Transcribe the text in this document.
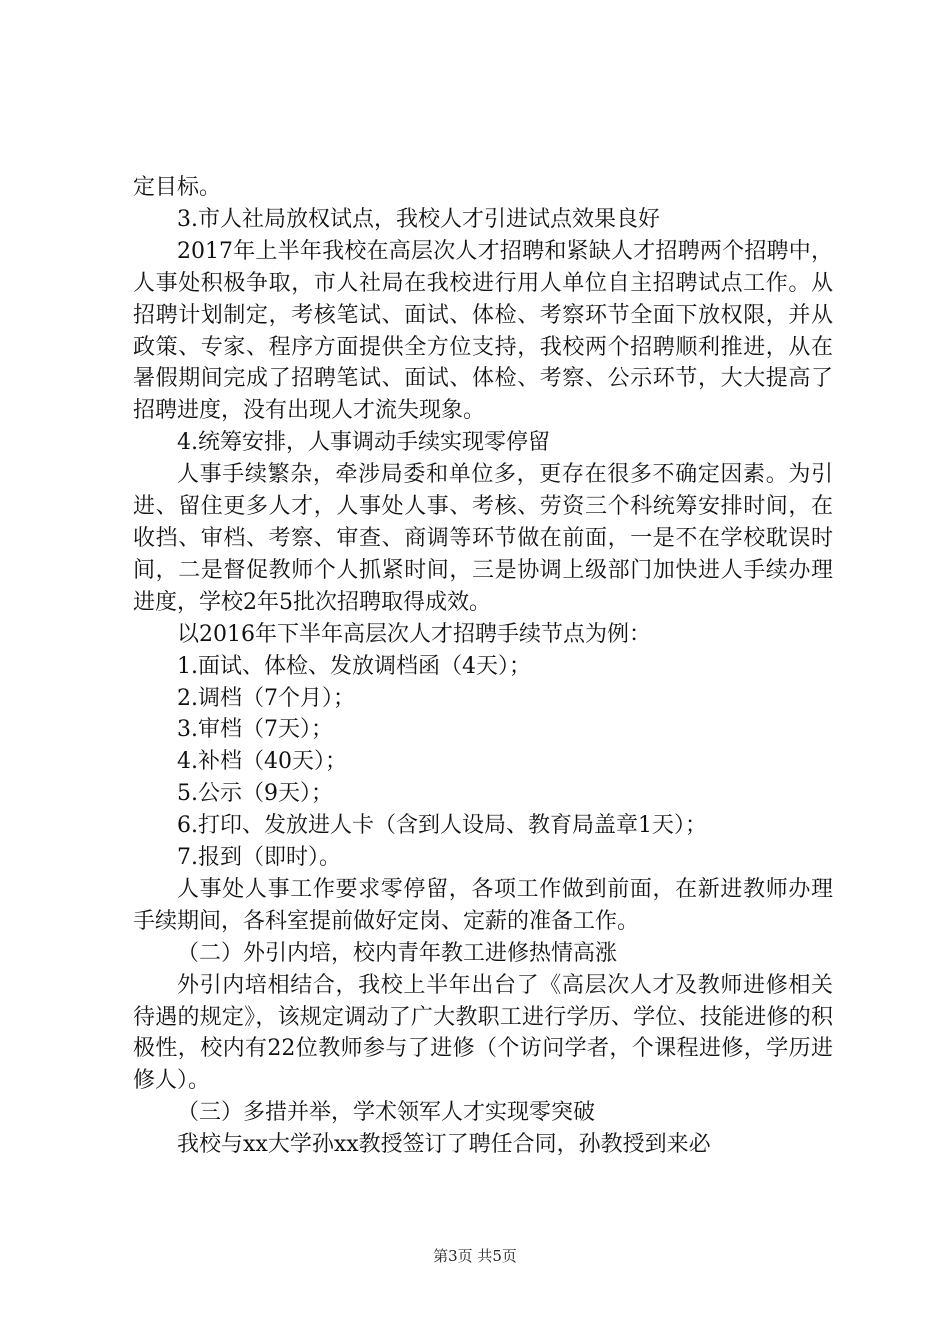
定目标。

3.市人社局放权试点，我校人才引进试点效果良好

2017年上半年我校在高层次人才招聘和紧缺人才招聘两个招聘中，人事处积极争取，市人社局在我校进行用人单位自主招聘试点工作。从招聘计划制定，考核笔试、面试、体检、考察环节全面下放权限，并从政策、专家、程序方面提供全方位支持，我校两个招聘顺利推进，从在暑假期间完成了招聘笔试、面试、体检、考察、公示环节，大大提高了招聘进度，没有出现人才流失现象。

4.统筹安排，人事调动手续实现零停留

人事手续繁杂，牵涉局委和单位多，更存在很多不确定因素。为引进、留住更多人才，人事处人事、考核、劳资三个科统筹安排时间，在收挡、审档、考察、审查、商调等环节做在前面，一是不在学校耽误时间，二是督促教师个人抓紧时间，三是协调上级部门加快进人手续办理进度，学校2年5批次招聘取得成效。

以2016年下半年高层次人才招聘手续节点为例：

1.面试、体检、发放调档函（4天）；

2.调档（7个月）；

3.审档（7天）；

4.补档（40天）；

5.公示（9天）；

6.打印、发放进人卡（含到人设局、教育局盖章1天）；

7.报到（即时）。

人事处人事工作要求零停留，各项工作做到前面，在新进教师办理手续期间，各科室提前做好定岗、定薪的准备工作。

（二）外引内培，校内青年教工进修热情高涨

外引内培相结合，我校上半年出台了《高层次人才及教师进修相关待遇的规定》，该规定调动了广大教职工进行学历、学位、技能进修的积极性，校内有22位教师参与了进修（个访问学者，个课程进修，学历进修人）。

（三）多措并举，学术领军人才实现零突破

我校与xx大学孙xx教授签订了聘任合同，孙教授到来必

第3页 共5页
